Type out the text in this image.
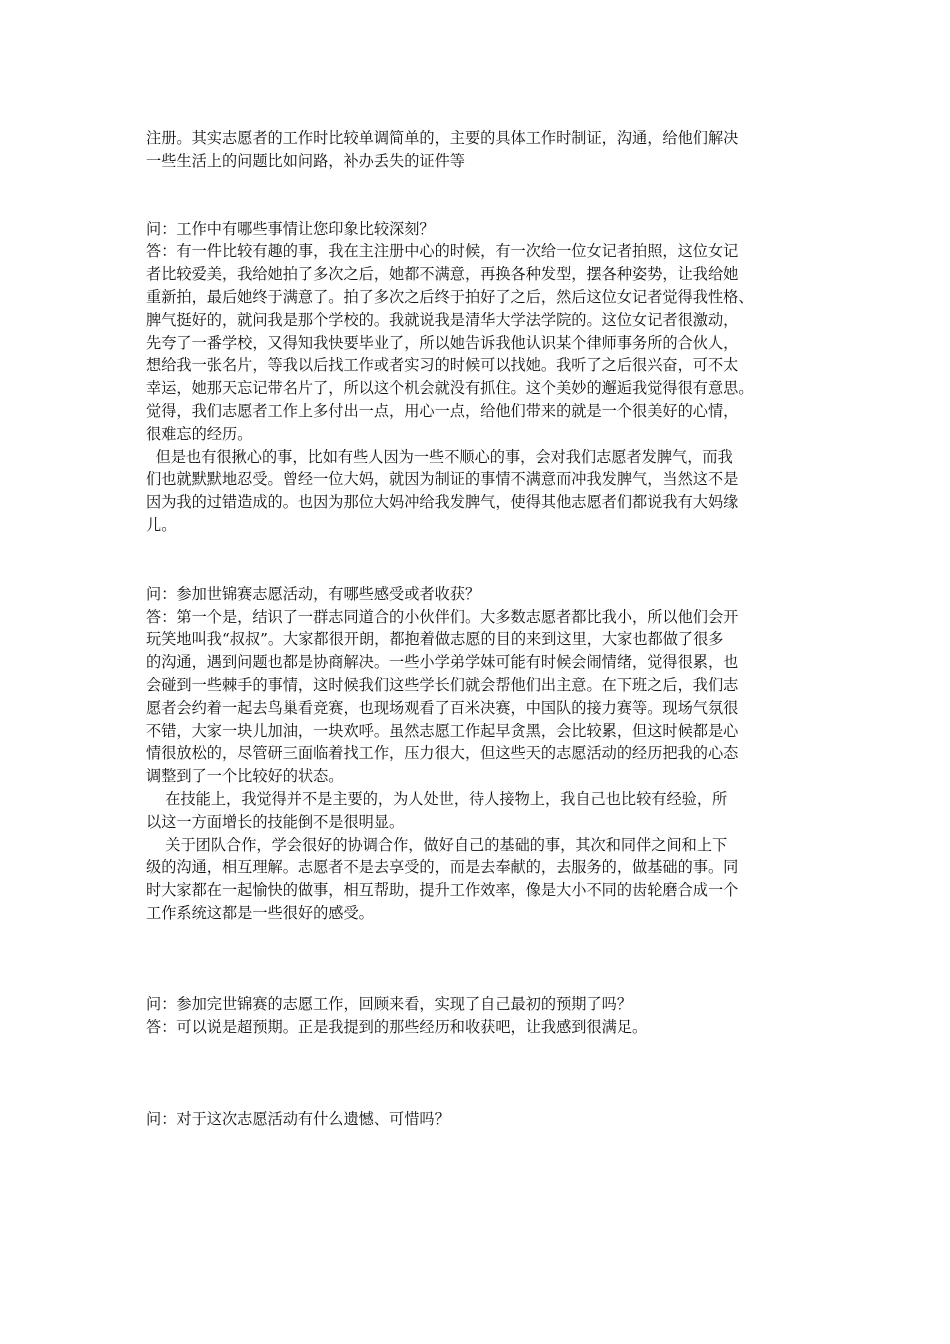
注册。其实志愿者的工作时比较单调简单的，主要的具体工作时制证，沟通，给他们解决
一些生活上的问题比如问路，补办丢失的证件等

问：工作中有哪些事情让您印象比较深刻？
答：有一件比较有趣的事，我在主注册中心的时候，有一次给一位女记者拍照，这位女记
者比较爱美，我给她拍了多次之后，她都不满意，再换各种发型，摆各种姿势，让我给她
重新拍，最后她终于满意了。拍了多次之后终于拍好了之后，然后这位女记者觉得我性格、
脾气挺好的，就问我是那个学校的。我就说我是清华大学法学院的。这位女记者很激动，
先夸了一番学校，又得知我快要毕业了，所以她告诉我他认识某个律师事务所的合伙人，
想给我一张名片，等我以后找工作或者实习的时候可以找她。我听了之后很兴奋，可不太
幸运，她那天忘记带名片了，所以这个机会就没有抓住。这个美妙的邂逅我觉得很有意思。
觉得，我们志愿者工作上多付出一点，用心一点，给他们带来的就是一个很美好的心情，
很难忘的经历。
但是也有很揪心的事，比如有些人因为一些不顺心的事，会对我们志愿者发脾气，而我
们也就默默地忍受。曾经一位大妈，就因为制证的事情不满意而冲我发脾气，当然这不是
因为我的过错造成的。也因为那位大妈冲给我发脾气，使得其他志愿者们都说我有大妈缘
儿。

问：参加世锦赛志愿活动，有哪些感受或者收获？
答：第一个是，结识了一群志同道合的小伙伴们。大多数志愿者都比我小，所以他们会开
玩笑地叫我“叔叔”。大家都很开朗，都抱着做志愿的目的来到这里，大家也都做了很多
的沟通，遇到问题也都是协商解决。一些小学弟学妹可能有时候会闹情绪，觉得很累，也
会碰到一些棘手的事情，这时候我们这些学长们就会帮他们出主意。在下班之后，我们志
愿者会约着一起去鸟巢看竞赛，也现场观看了百米决赛，中国队的接力赛等。现场气氛很
不错，大家一块儿加油，一块欢呼。虽然志愿工作起早贪黑，会比较累，但这时候都是心
情很放松的，尽管研三面临着找工作，压力很大，但这些天的志愿活动的经历把我的心态
调整到了一个比较好的状态。
在技能上，我觉得并不是主要的，为人处世，待人接物上，我自己也比较有经验，所
以这一方面增长的技能倒不是很明显。
关于团队合作，学会很好的协调合作，做好自己的基础的事，其次和同伴之间和上下
级的沟通，相互理解。志愿者不是去享受的，而是去奉献的，去服务的，做基础的事。同
时大家都在一起愉快的做事，相互帮助，提升工作效率，像是大小不同的齿轮磨合成一个
工作系统这都是一些很好的感受。

问：参加完世锦赛的志愿工作，回顾来看，实现了自己最初的预期了吗？
答：可以说是超预期。正是我提到的那些经历和收获吧，让我感到很满足。

问：对于这次志愿活动有什么遗憾、可惜吗？
